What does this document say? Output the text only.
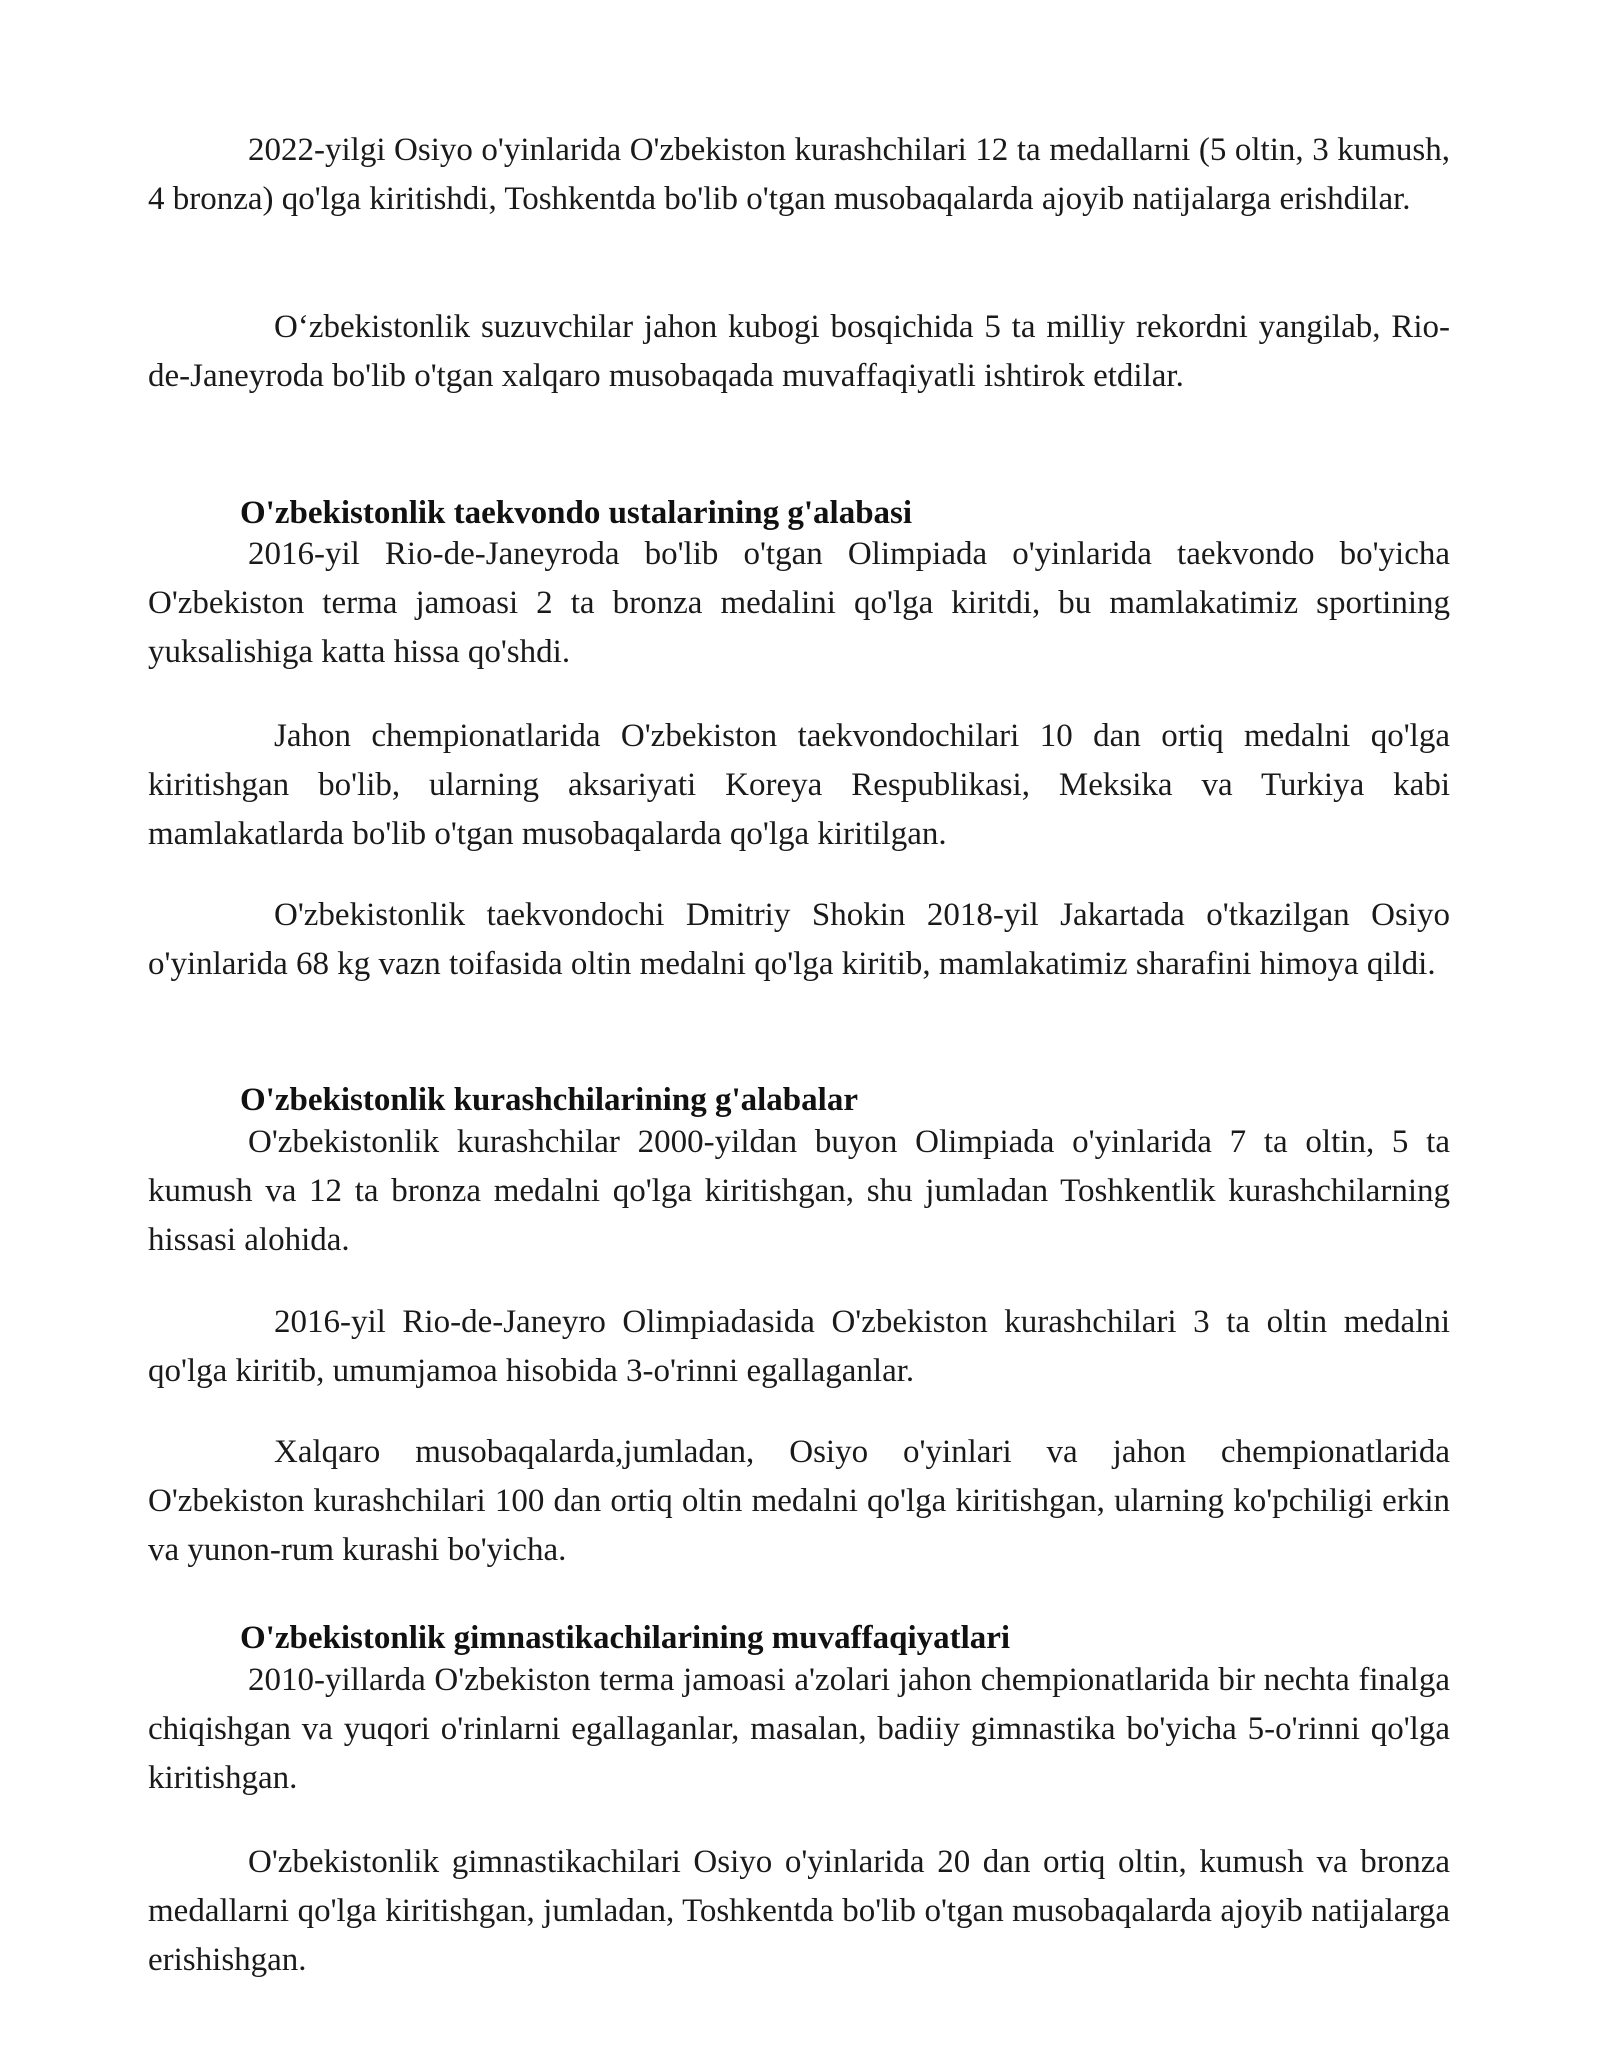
2022-yilgi Osiyo o'yinlarida O'zbekiston kurashchilari 12 ta medallarni (5 oltin, 3 kumush, 4 bronza) qo'lga kiritishdi, Toshkentda bo'lib o'tgan musobaqalarda ajoyib natijalarga erishdilar.

O‘zbekistonlik suzuvchilar jahon kubogi bosqichida 5 ta milliy rekordni yangilab, Rio-de-Janeyroda bo'lib o'tgan xalqaro musobaqada muvaffaqiyatli ishtirok etdilar.

O'zbekistonlik taekvondo ustalarining g'alabasi

2016-yil Rio-de-Janeyroda bo'lib o'tgan Olimpiada o'yinlarida taekvondo bo'yicha O'zbekiston terma jamoasi 2 ta bronza medalini qo'lga kiritdi, bu mamlakatimiz sportining yuksalishiga katta hissa qo'shdi.

Jahon chempionatlarida O'zbekiston taekvondochilari 10 dan ortiq medalni qo'lga kiritishgan bo'lib, ularning aksariyati Koreya Respublikasi, Meksika va Turkiya kabi mamlakatlarda bo'lib o'tgan musobaqalarda qo'lga kiritilgan.

O'zbekistonlik taekvondochi Dmitriy Shokin 2018-yil Jakartada o'tkazilgan Osiyo o'yinlarida 68 kg vazn toifasida oltin medalni qo'lga kiritib, mamlakatimiz sharafini himoya qildi.

O'zbekistonlik kurashchilarining g'alabalar

O'zbekistonlik kurashchilar 2000-yildan buyon Olimpiada o'yinlarida 7 ta oltin, 5 ta kumush va 12 ta bronza medalni qo'lga kiritishgan, shu jumladan Toshkentlik kurashchilarning hissasi alohida.

2016-yil Rio-de-Janeyro Olimpiadasida O'zbekiston kurashchilari 3 ta oltin medalni qo'lga kiritib, umumjamoa hisobida 3-o'rinni egallaganlar.

Xalqaro musobaqalarda,jumladan, Osiyo o'yinlari va jahon chempionatlarida O'zbekiston kurashchilari 100 dan ortiq oltin medalni qo'lga kiritishgan, ularning ko'pchiligi erkin va yunon-rum kurashi bo'yicha.

O'zbekistonlik gimnastikachilarining muvaffaqiyatlari

2010-yillarda O'zbekiston terma jamoasi a'zolari jahon chempionatlarida bir nechta finalga chiqishgan va yuqori o'rinlarni egallaganlar, masalan, badiiy gimnastika bo'yicha 5-o'rinni qo'lga kiritishgan.

O'zbekistonlik gimnastikachilari Osiyo o'yinlarida 20 dan ortiq oltin, kumush va bronza medallarni qo'lga kiritishgan, jumladan, Toshkentda bo'lib o'tgan musobaqalarda ajoyib natijalarga erishishgan.
